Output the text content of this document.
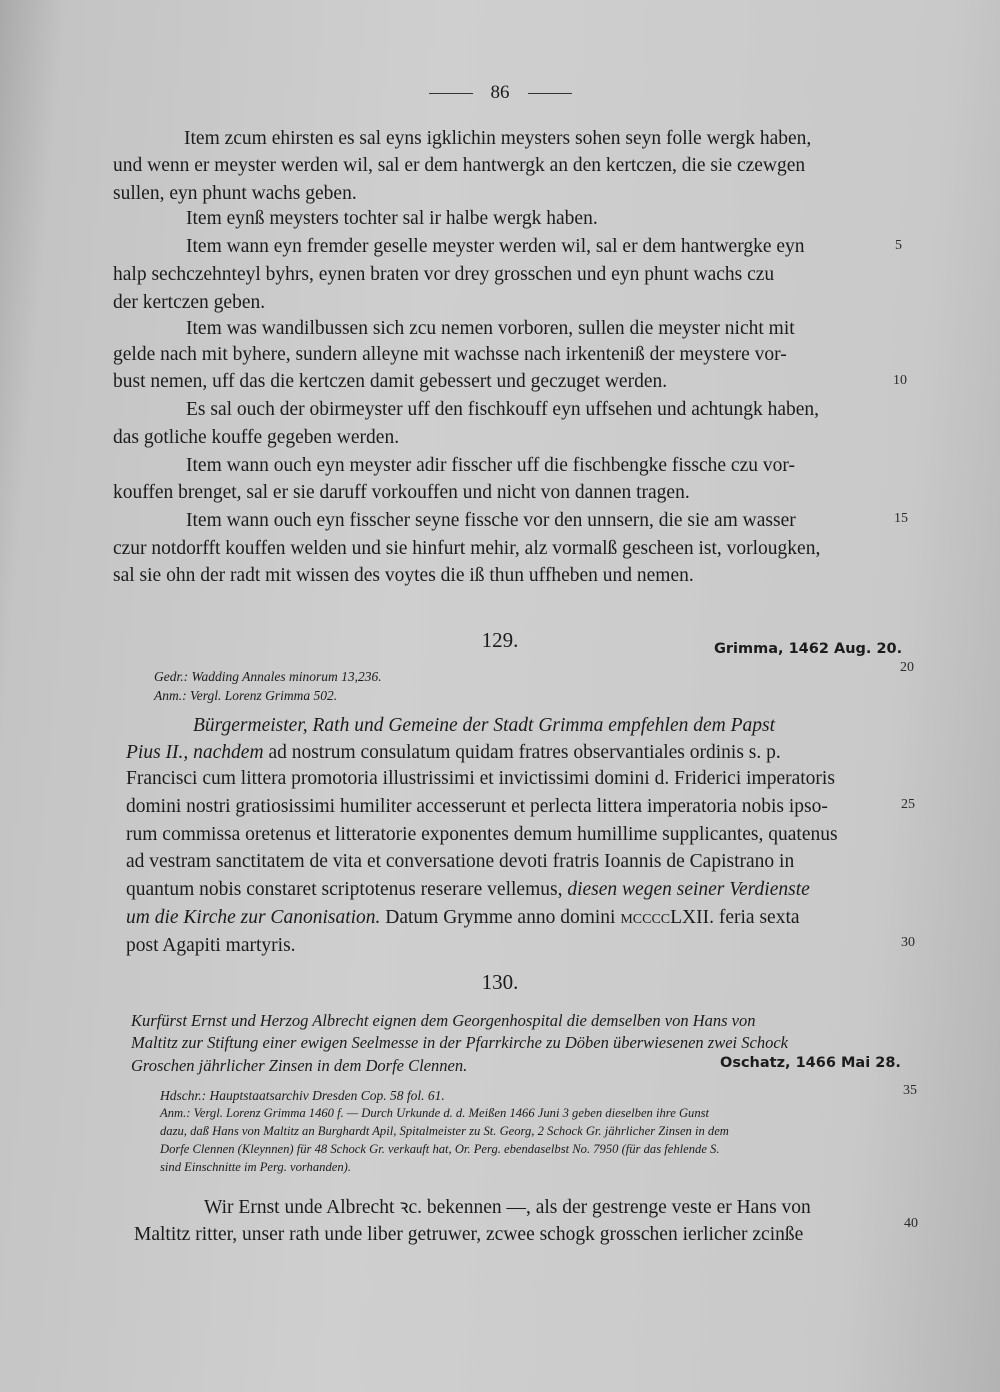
86
Item zcum ehirsten es sal eyns igklichin meysters sohen seyn folle wergk haben,
und wenn er meyster werden wil, sal er dem hantwergk an den kertczen, die sie czewgen
sullen, eyn phunt wachs geben.
Item eynß meysters tochter sal ir halbe wergk haben.
Item wann eyn fremder geselle meyster werden wil, sal er dem hantwergke eyn
halp sechczehnteyl byhrs, eynen braten vor drey grosschen und eyn phunt wachs czu
der kertczen geben.
Item was wandilbussen sich zcu nemen vorboren, sullen die meyster nicht mit
gelde nach mit byhere, sundern alleyne mit wachsse nach irkenteniß der meystere vor-
bust nemen, uff das die kertczen damit gebessert und geczuget werden.
Es sal ouch der obirmeyster uff den fischkouff eyn uffsehen und achtungk haben,
das gotliche kouffe gegeben werden.
Item wann ouch eyn meyster adir fisscher uff die fischbengke fissche czu vor-
kouffen brenget, sal er sie daruff vorkouffen und nicht von dannen tragen.
Item wann ouch eyn fisscher seyne fissche vor den unnsern, die sie am wasser
czur notdorfft kouffen welden und sie hinfurt mehir, alz vormalß gescheen ist, vorlougken,
sal sie ohn der radt mit wissen des voytes die iß thun uffheben und nemen.
5
10
15
20
25
30
35
40
129.	Grimma, 1462 Aug. 20.
Gedr.: Wadding Annales minorum 13,236.
Anm.: Vergl. Lorenz Grimma 502.
Bürgermeister, Rath und Gemeine der Stadt Grimma empfehlen dem Papst
Pius II., nachdem ad nostrum consulatum quidam fratres observantiales ordinis s. p.
Francisci cum littera promotoria illustrissimi et invictissimi domini d. Friderici imperatoris
domini nostri gratiosissimi humiliter accesserunt et perlecta littera imperatoria nobis ipso-
rum commissa oretenus et litteratorie exponentes demum humillime supplicantes, quatenus
ad vestram sanctitatem de vita et conversatione devoti fratris Ioannis de Capistrano in
quantum nobis constaret scriptotenus reserare vellemus, diesen wegen seiner Verdienste
um die Kirche zur Canonisation. Datum Grymme anno domini mccccLXII. feria sexta
post Agapiti martyris.
130.
Kurfürst Ernst und Herzog Albrecht eignen dem Georgenhospital die demselben von Hans von
Maltitz zur Stiftung einer ewigen Seelmesse in der Pfarrkirche zu Döben überwiesenen zwei Schock
Groschen jährlicher Zinsen in dem Dorfe Clennen.	Oschatz, 1466 Mai 28.
Hdschr.: Hauptstaatsarchiv Dresden Cop. 58 fol. 61.
Anm.: Vergl. Lorenz Grimma 1460 f. — Durch Urkunde d. d. Meißen 1466 Juni 3 geben dieselben ihre Gunst
dazu, daß Hans von Maltitz an Burghardt Apil, Spitalmeister zu St. Georg, 2 Schock Gr. jährlicher Zinsen in dem
Dorfe Clennen (Kleynnen) für 48 Schock Gr. verkauft hat, Or. Perg. ebendaselbst No. 7950 (für das fehlende S.
sind Einschnitte im Perg. vorhanden).
Wir Ernst unde Albrecht ꝛc. bekennen —, als der gestrenge veste er Hans von
Maltitz ritter, unser rath unde liber getruwer, zcwee schogk grosschen ierlicher zcinße
